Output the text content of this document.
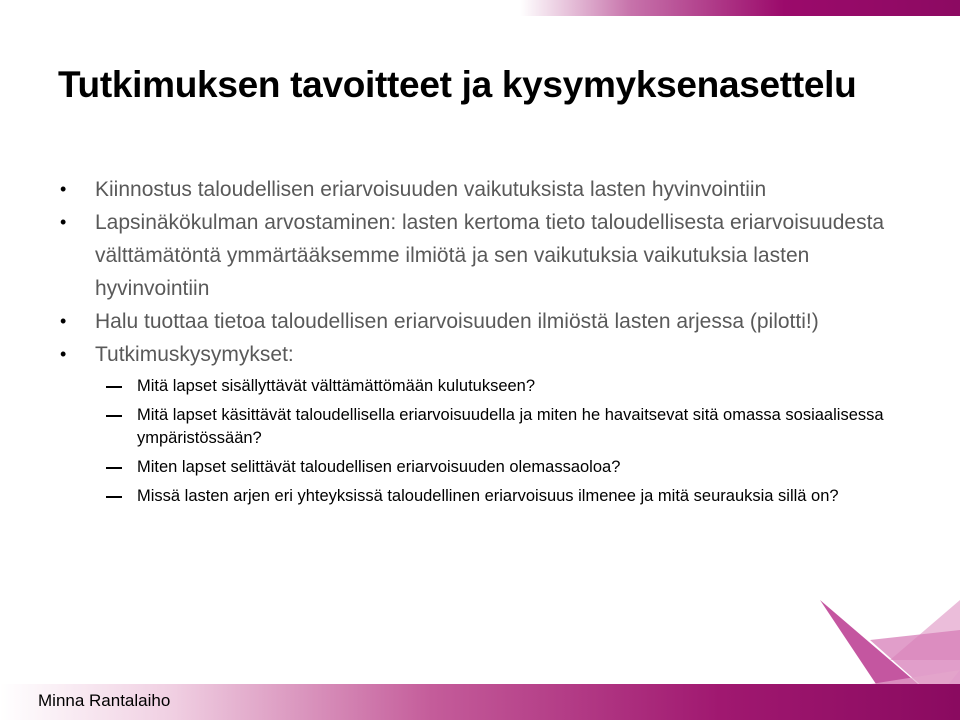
Tutkimuksen tavoitteet ja kysymyksenasettelu

• Kiinnostus taloudellisen eriarvoisuuden vaikutuksista lasten hyvinvointiin

• Lapsinäkökulman arvostaminen: lasten kertoma tieto taloudellisesta eriarvoisuudesta välttämätöntä ymmärtääksemme ilmiötä ja sen vaikutuksia vaikutuksia lasten hyvinvointiin

• Halu tuottaa tietoa taloudellisen eriarvoisuuden ilmiöstä lasten arjessa (pilotti!)

• Tutkimuskysymykset:

Mitä lapset sisällyttävät välttämättömään kulutukseen?

Mitä lapset käsittävät taloudellisella eriarvoisuudella ja miten he havaitsevat sitä omassa sosiaalisessa ympäristössään?

Miten lapset selittävät taloudellisen eriarvoisuuden olemassaoloa?

Missä lasten arjen eri yhteyksissä taloudellinen eriarvoisuus ilmenee ja mitä seurauksia sillä on?

Minna Rantalaiho
